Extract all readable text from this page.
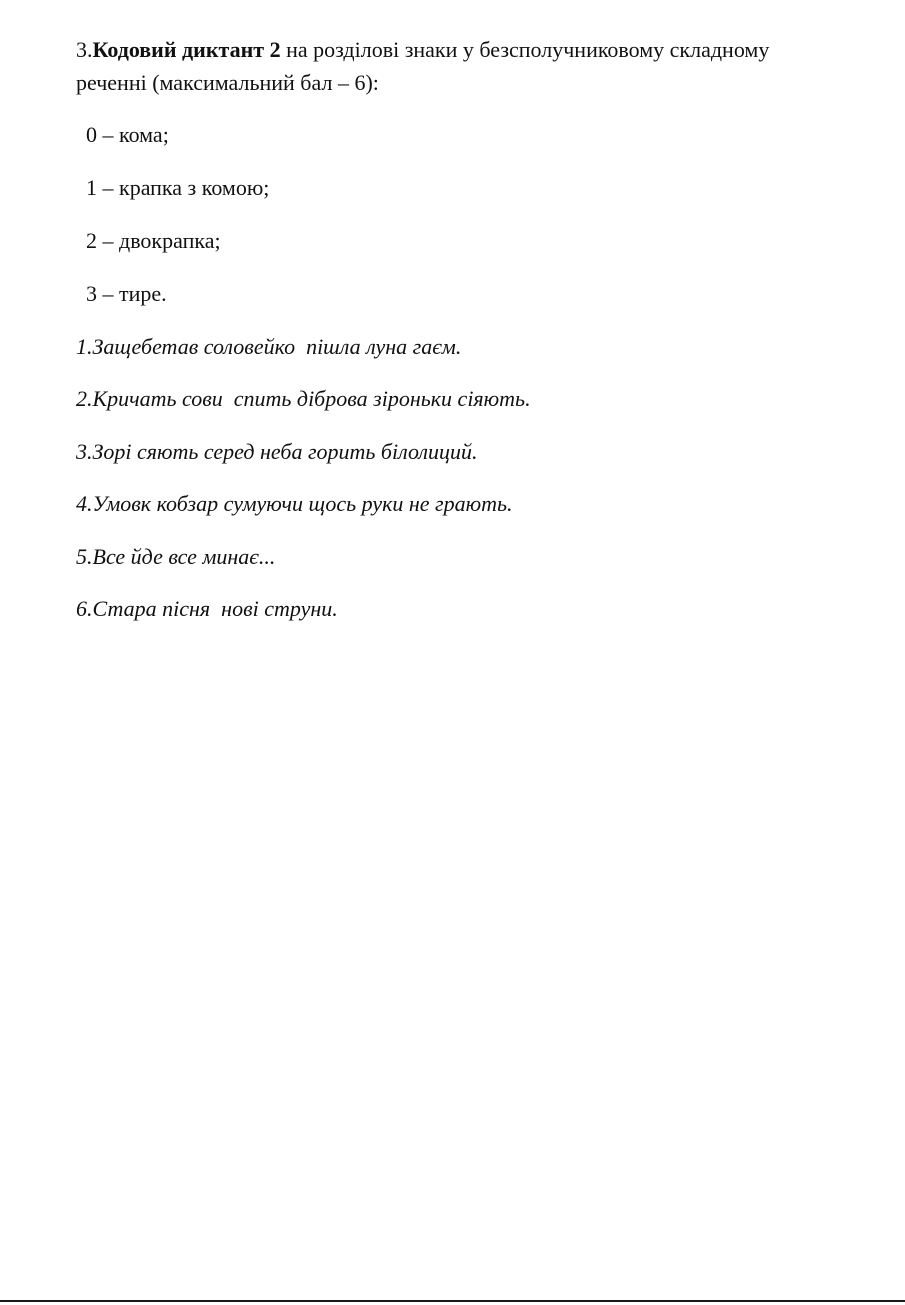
3.Кодовий диктант 2 на розділові знаки у безсполучниковому складному реченні (максимальний бал – 6):

0 – кома;
1 – крапка з комою;
2 – двокрапка;
3 – тире.
1.Защебетав соловейко  пішла луна гаєм.
2.Кричать сови  спить діброва зіроньки сіяють.
3.Зорі сяють серед неба горить білолиций.
4.Умовк кобзар сумуючи щось руки не грають.
5.Все йде все минає...
6.Стара пісня  нові струни.
